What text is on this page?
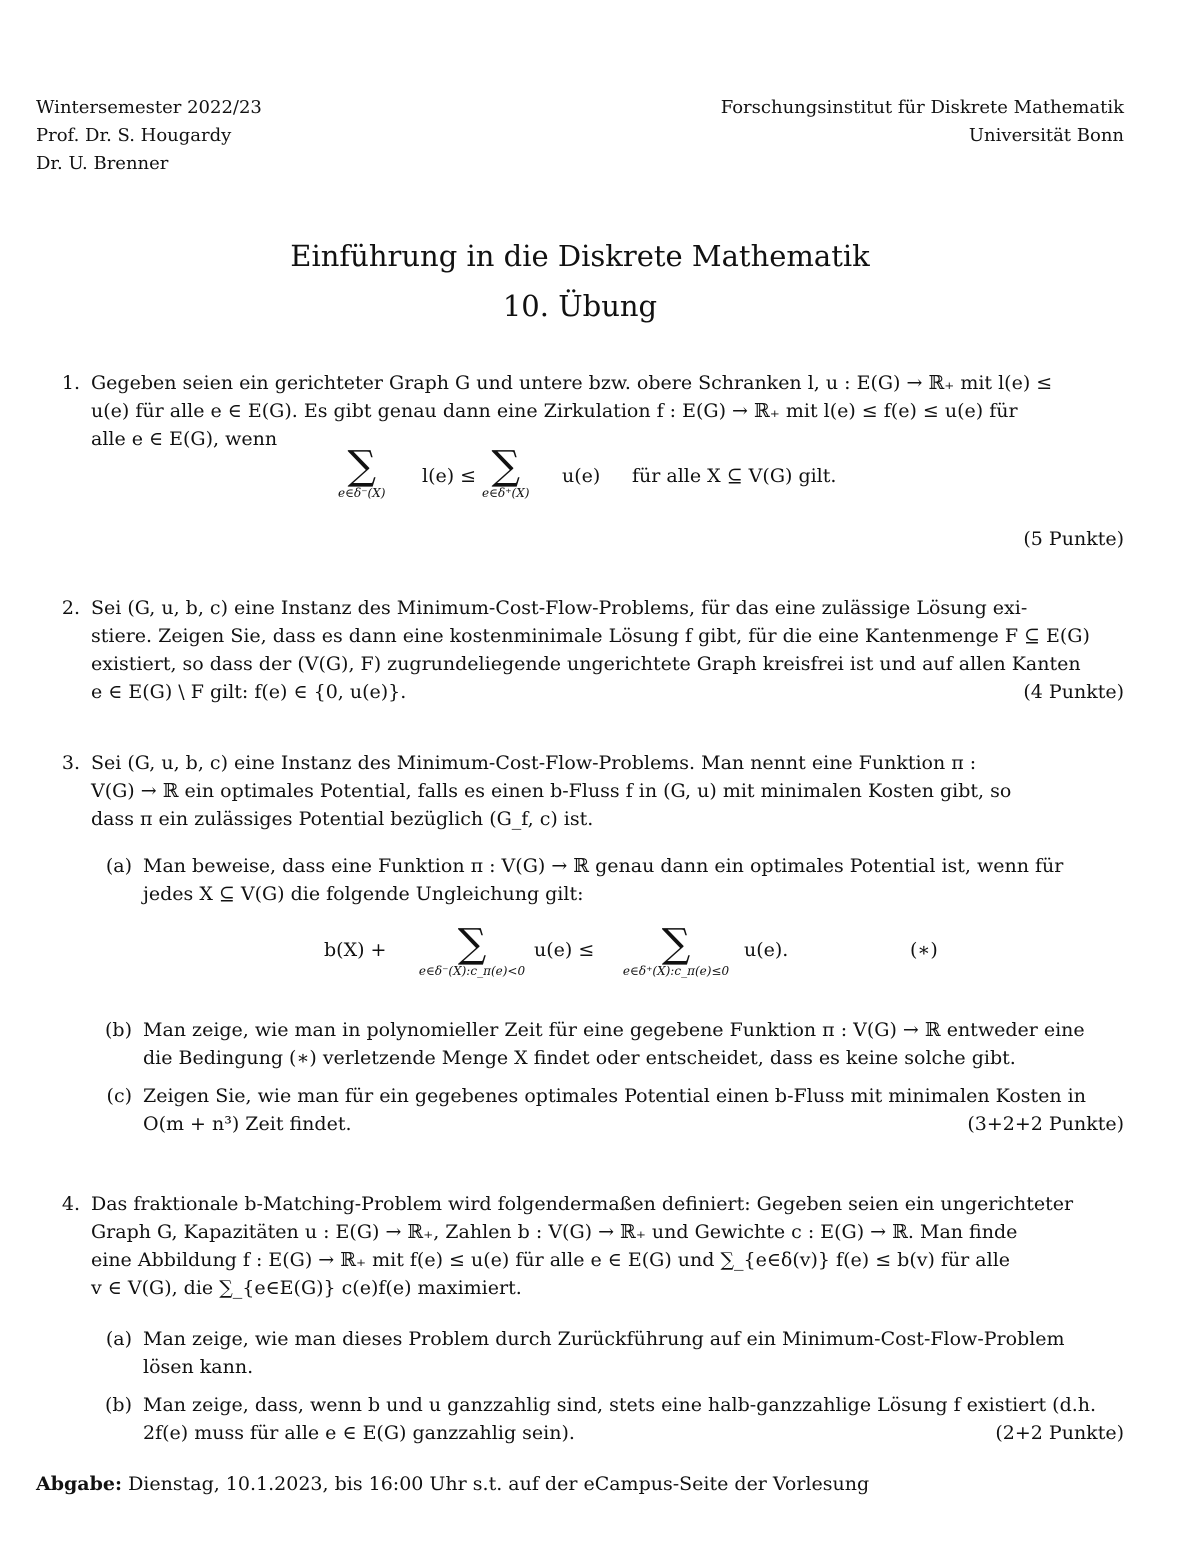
Wintersemester 2022/23
Prof. Dr. S. Hougardy
Dr. U. Brenner
Forschungsinstitut für Diskrete Mathematik
Universität Bonn
Einführung in die Diskrete Mathematik
10. Übung
1. Gegeben seien ein gerichteter Graph G und untere bzw. obere Schranken l, u : E(G) → ℝ₊ mit l(e) ≤
u(e) für alle e ∈ E(G). Es gibt genau dann eine Zirkulation f : E(G) → ℝ₊ mit l(e) ≤ f(e) ≤ u(e) für
alle e ∈ E(G), wenn
∑
e∈δ⁻(X)
l(e) ≤ ∑
e∈δ⁺(X)
u(e) für alle X ⊆ V(G) gilt.
(5 Punkte)
2. Sei (G, u, b, c) eine Instanz des Minimum-Cost-Flow-Problems, für das eine zulässige Lösung exi-
stiere. Zeigen Sie, dass es dann eine kostenminimale Lösung f gibt, für die eine Kantenmenge F ⊆ E(G)
existiert, so dass der (V(G), F) zugrundeliegende ungerichtete Graph kreisfrei ist und auf allen Kanten
e ∈ E(G) \ F gilt: f(e) ∈ {0, u(e)}.	(4 Punkte)
3. Sei (G, u, b, c) eine Instanz des Minimum-Cost-Flow-Problems. Man nennt eine Funktion π :
V(G) → ℝ ein optimales Potential, falls es einen b-Fluss f in (G, u) mit minimalen Kosten gibt, so
dass π ein zulässiges Potential bezüglich (G_f, c) ist.
(a) Man beweise, dass eine Funktion π : V(G) → ℝ genau dann ein optimales Potential ist, wenn für
jedes X ⊆ V(G) die folgende Ungleichung gilt:
b(X) +	∑
e∈δ⁻(X):c_π(e)<0
u(e) ≤	∑
e∈δ⁺(X):c_π(e)≤0
u(e).	(∗)
(b) Man zeige, wie man in polynomieller Zeit für eine gegebene Funktion π : V(G) → ℝ entweder eine
die Bedingung (∗) verletzende Menge X findet oder entscheidet, dass es keine solche gibt.
(c) Zeigen Sie, wie man für ein gegebenes optimales Potential einen b-Fluss mit minimalen Kosten in
O(m + n³) Zeit findet.	(3+2+2 Punkte)
4. Das fraktionale b-Matching-Problem wird folgendermaßen definiert: Gegeben seien ein ungerichteter
Graph G, Kapazitäten u : E(G) → ℝ₊, Zahlen b : V(G) → ℝ₊ und Gewichte c : E(G) → ℝ. Man finde
eine Abbildung f : E(G) → ℝ₊ mit f(e) ≤ u(e) für alle e ∈ E(G) und ∑_{e∈δ(v)} f(e) ≤ b(v) für alle
v ∈ V(G), die ∑_{e∈E(G)} c(e)f(e) maximiert.
(a) Man zeige, wie man dieses Problem durch Zurückführung auf ein Minimum-Cost-Flow-Problem
lösen kann.
(b) Man zeige, dass, wenn b und u ganzzahlig sind, stets eine halb-ganzzahlige Lösung f existiert (d.h.
2f(e) muss für alle e ∈ E(G) ganzzahlig sein).	(2+2 Punkte)
Abgabe: Dienstag, 10.1.2023, bis 16:00 Uhr s.t. auf der eCampus-Seite der Vorlesung
